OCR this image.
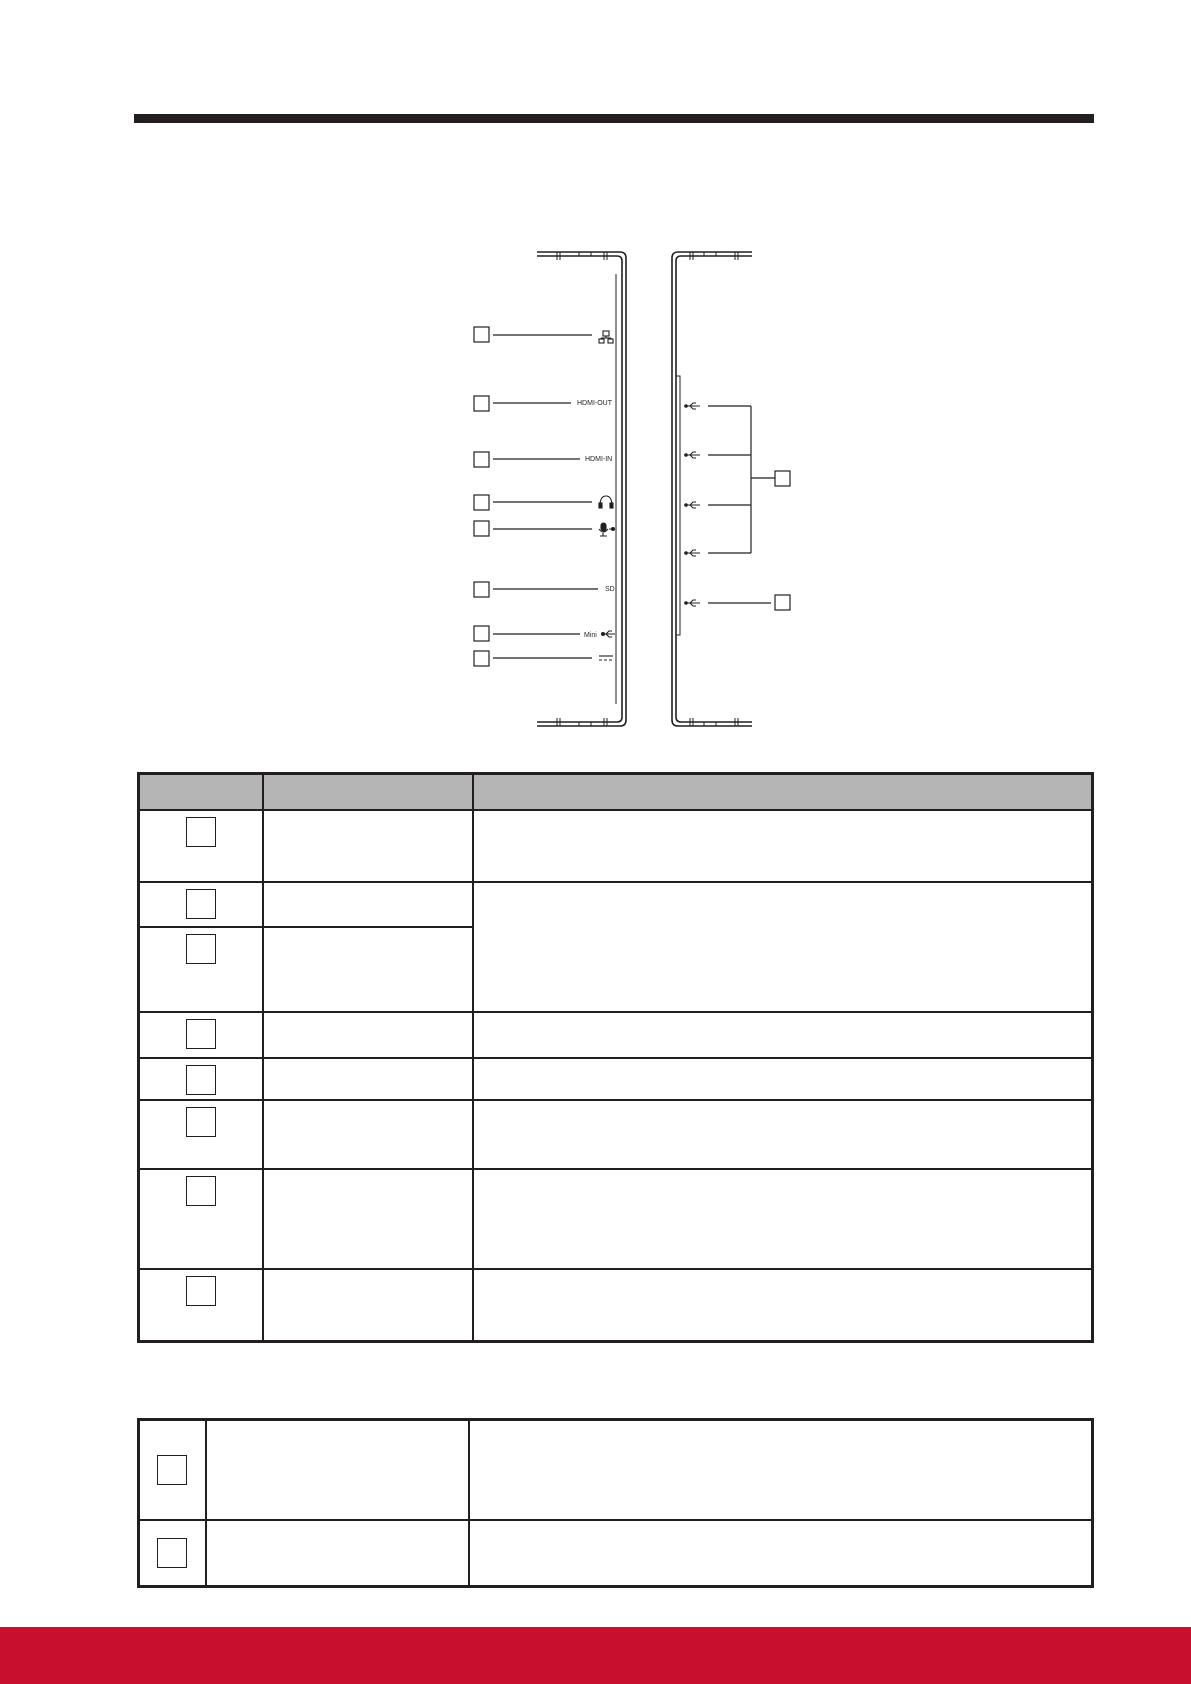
HDMI-OUT
HDMI-IN
SD
Mini
